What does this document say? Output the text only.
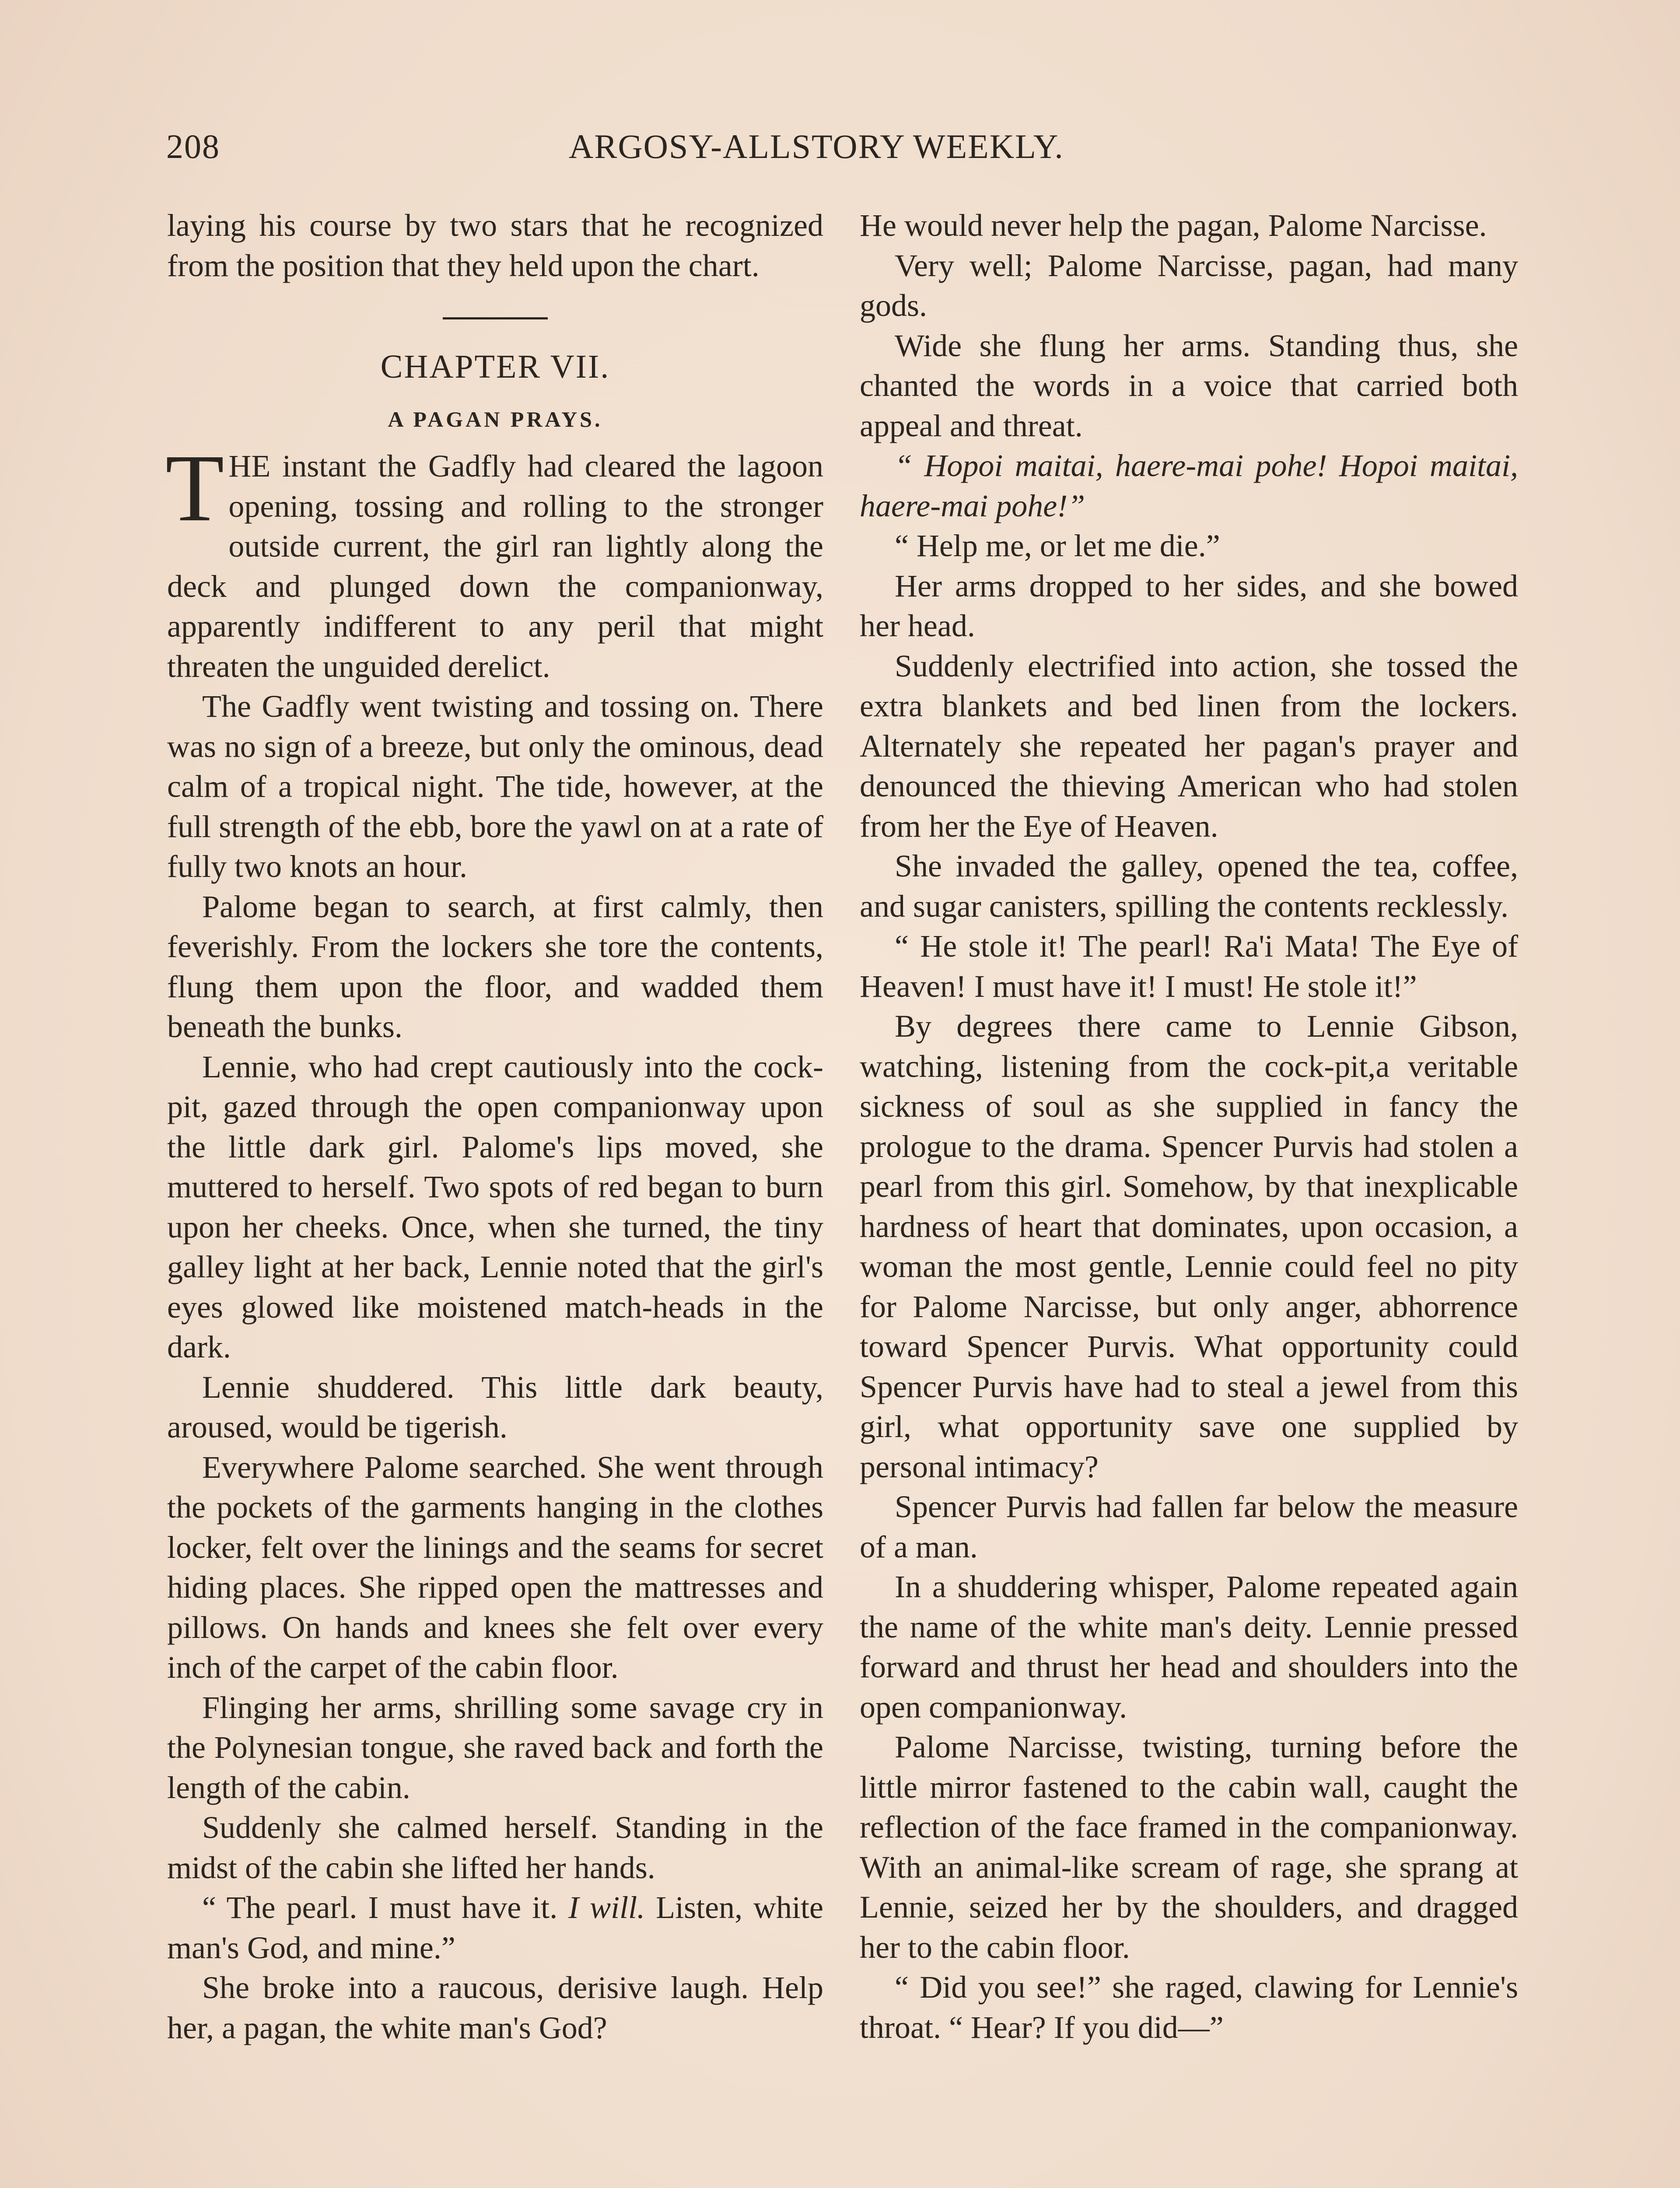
208	ARGOSY-ALLSTORY WEEKLY.

laying his course by two stars that he recognized from the position that they held upon the chart.

CHAPTER VII.
A PAGAN PRAYS.

THE instant the Gadfly had cleared the lagoon opening, tossing and rolling to the stronger outside current, the girl ran lightly along the deck and plunged down the companionway, apparently indifferent to any peril that might threaten the unguided derelict.

The Gadfly went twisting and tossing on. There was no sign of a breeze, but only the ominous, dead calm of a tropical night. The tide, however, at the full strength of the ebb, bore the yawl on at a rate of fully two knots an hour.

Palome began to search, at first calmly, then feverishly. From the lockers she tore the contents, flung them upon the floor, and wadded them beneath the bunks.

Lennie, who had crept cautiously into the cock-pit, gazed through the open companionway upon the little dark girl. Palome's lips moved, she muttered to herself. Two spots of red began to burn upon her cheeks. Once, when she turned, the tiny galley light at her back, Lennie noted that the girl's eyes glowed like moistened match-heads in the dark.

Lennie shuddered. This little dark beauty, aroused, would be tigerish.

Everywhere Palome searched. She went through the pockets of the garments hanging in the clothes locker, felt over the linings and the seams for secret hiding places. She ripped open the mattresses and pillows. On hands and knees she felt over every inch of the carpet of the cabin floor.

Flinging her arms, shrilling some savage cry in the Polynesian tongue, she raved back and forth the length of the cabin.

Suddenly she calmed herself. Standing in the midst of the cabin she lifted her hands.

“ The pearl. I must have it. I will. Listen, white man's God, and mine.”

She broke into a raucous, derisive laugh. Help her, a pagan, the white man's God?

He would never help the pagan, Palome Narcisse.

Very well; Palome Narcisse, pagan, had many gods.

Wide she flung her arms. Standing thus, she chanted the words in a voice that carried both appeal and threat.

“ Hopoi maitai, haere-mai pohe! Hopoi maitai, haere-mai pohe!”

“ Help me, or let me die.”

Her arms dropped to her sides, and she bowed her head.

Suddenly electrified into action, she tossed the extra blankets and bed linen from the lockers. Alternately she repeated her pagan's prayer and denounced the thieving American who had stolen from her the Eye of Heaven.

She invaded the galley, opened the tea, coffee, and sugar canisters, spilling the contents recklessly.

“ He stole it! The pearl! Ra'i Mata! The Eye of Heaven! I must have it! I must! He stole it!”

By degrees there came to Lennie Gibson, watching, listening from the cock-pit,a veritable sickness of soul as she supplied in fancy the prologue to the drama. Spencer Purvis had stolen a pearl from this girl. Somehow, by that inexplicable hardness of heart that dominates, upon occasion, a woman the most gentle, Lennie could feel no pity for Palome Narcisse, but only anger, abhorrence toward Spencer Purvis. What opportunity could Spencer Purvis have had to steal a jewel from this girl, what opportunity save one supplied by personal intimacy?

Spencer Purvis had fallen far below the measure of a man.

In a shuddering whisper, Palome repeated again the name of the white man's deity. Lennie pressed forward and thrust her head and shoulders into the open companionway.

Palome Narcisse, twisting, turning before the little mirror fastened to the cabin wall, caught the reflection of the face framed in the companionway. With an animal-like scream of rage, she sprang at Lennie, seized her by the shoulders, and dragged her to the cabin floor.

“ Did you see!” she raged, clawing for Lennie's throat. “ Hear? If you did—”
